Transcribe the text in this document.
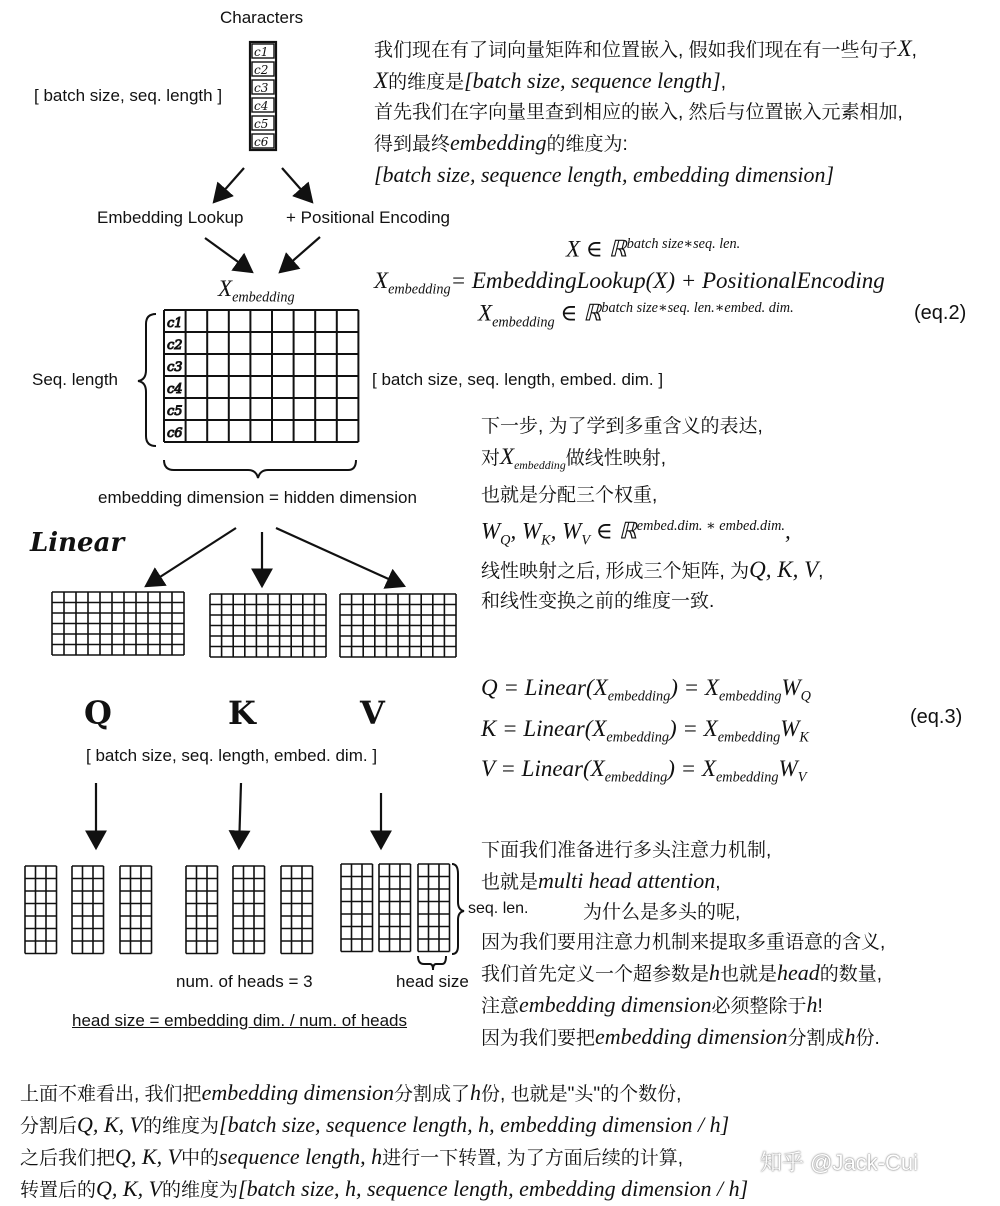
c1
c2
c3
c4
c5
c6
c1
c2
c3
c4
c5
c6
Characters
[ batch size, seq. length ]
Embedding Lookup + Positional Encoding
$X_{embedding}$
Seq. length	[ batch size, seq. length, embed. dim. ]
embedding dimension = hidden dimension
Linear
Q	K	V
[ batch size, seq. length, embed. dim. ]
seq. len.
num. of heads = 3	head size
head size = embedding dim. / num. of heads
我们现在有了词向量矩阵和位置嵌入, 假如我们现在有一些句子X,
X的维度是[batch size, sequence length],
首先我们在字向量里查到相应的嵌入, 然后与位置嵌入元素相加,
得到最终embedding的维度为:
[batch size, sequence length, embedding dimension]
X ∈ ℝ$^{batch size∗seq. len.}$
$X_{embedding}=$ EmbeddingLookup(X) + PositionalEncoding
$X_{embedding}$ ∈ ℝ$^{batch size∗seq. len.∗embed. dim.}$	(eq.2)
下一步, 为了学到多重含义的表达,
对$X_{embedding}$做线性映射,
也就是分配三个权重,
$W_Q$, $W_K$, $W_V$ ∈ ℝ$^{embed.dim. ∗ embed.dim.}$,
线性映射之后, 形成三个矩阵, 为Q, K, V,
和线性变换之前的维度一致.
$Q = Linear(X_{embedding}) = X_{embedding}W_Q$
$K = Linear(X_{embedding}) = X_{embedding}W_K$
$V = Linear(X_{embedding}) = X_{embedding}W_V$
(eq.3)
下面我们准备进行多头注意力机制,
也就是multi head attention,
为什么是多头的呢,
因为我们要用注意力机制来提取多重语意的含义,
我们首先定义一个超参数是h也就是head的数量,
注意embedding dimension必须整除于h!
因为我们要把embedding dimension分割成h份.
上面不难看出, 我们把embedding dimension分割成了h份, 也就是"头"的个数份,
分割后Q, K, V的维度为[batch size, sequence length, h, embedding dimension / h]
之后我们把Q, K, V中的sequence length, h进行一下转置, 为了方面后续的计算,
转置后的Q, K, V的维度为[batch size, h, sequence length, embedding dimension / h]
知乎 @Jack-Cui
